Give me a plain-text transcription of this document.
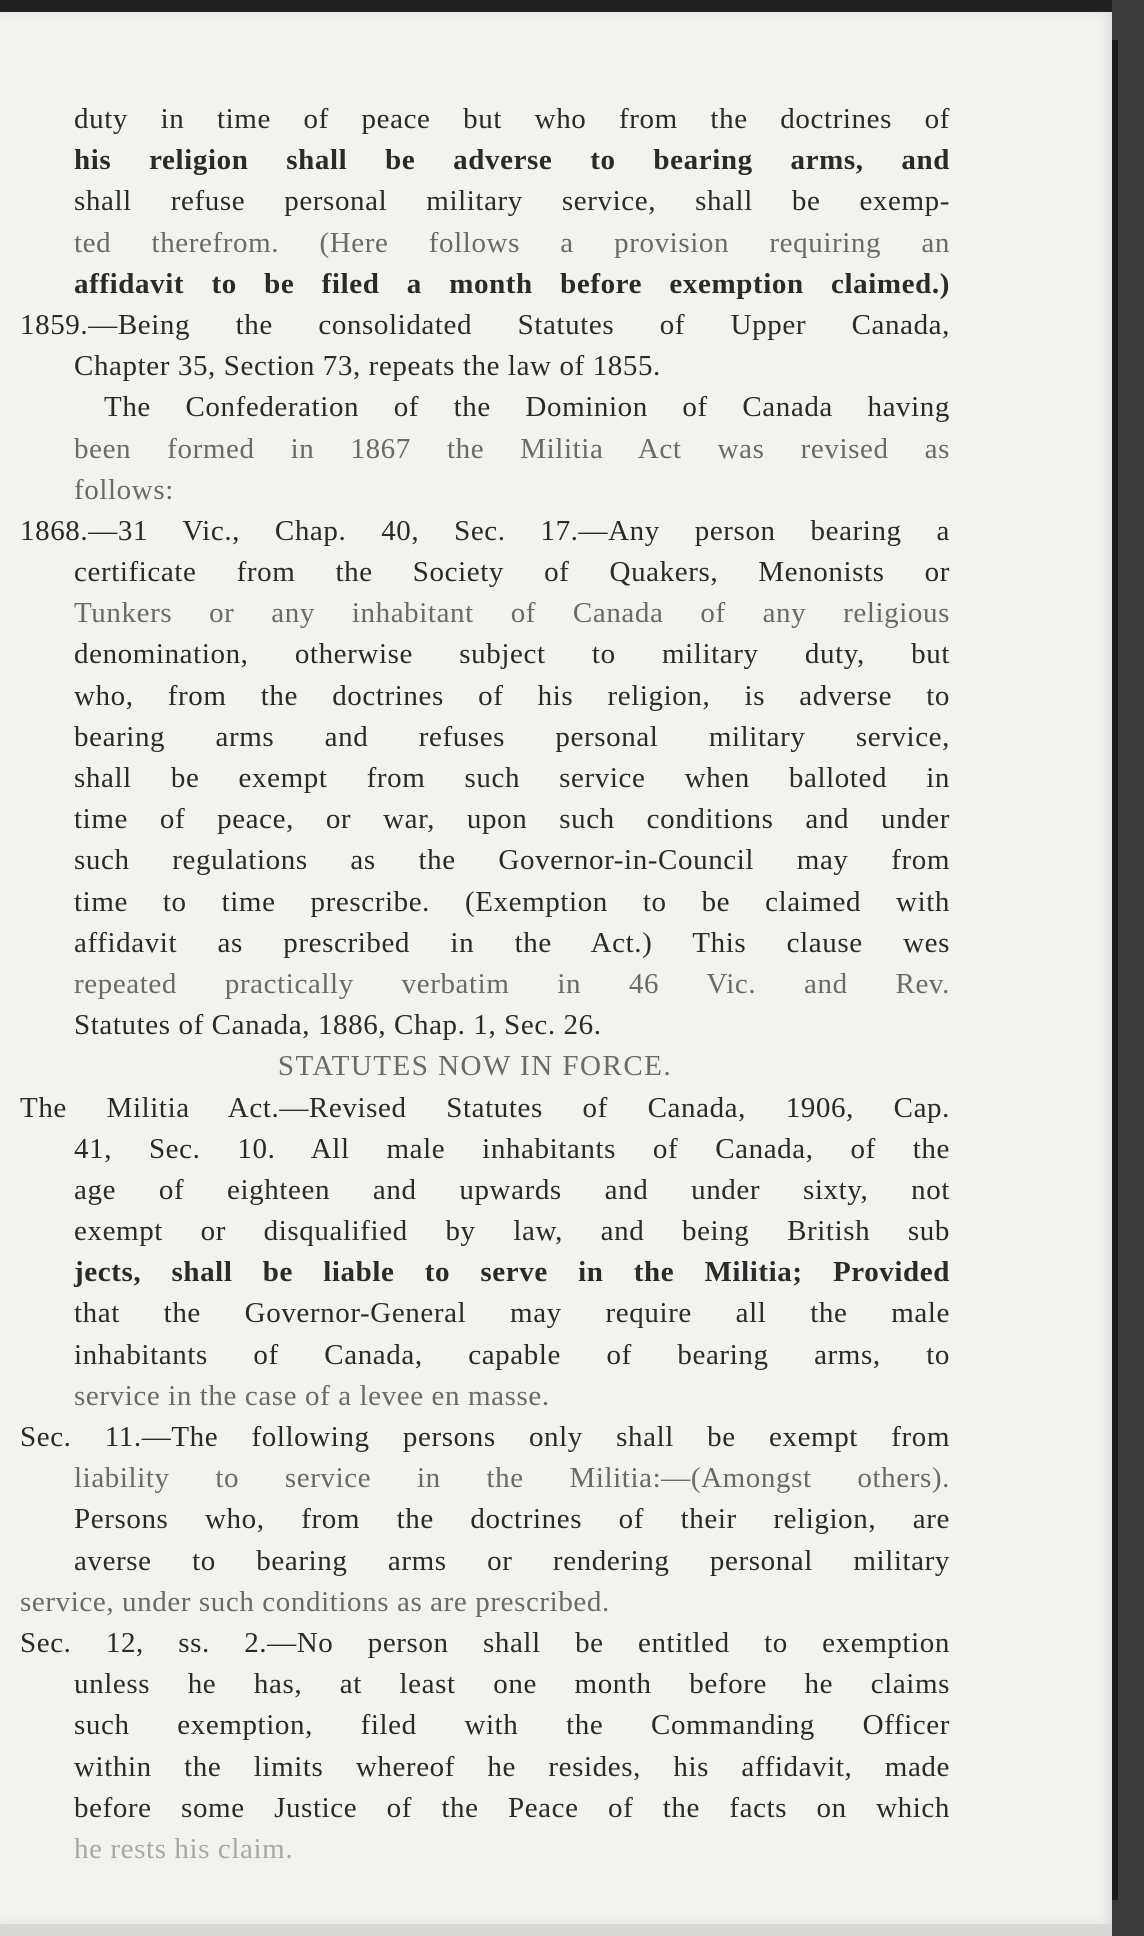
duty in time of peace but who from the doctrines of
his religion shall be adverse to bearing arms, and
shall refuse personal military service, shall be exemp-
ted therefrom. (Here follows a provision requiring an
affidavit to be filed a month before exemption claimed.)
1859.—Being the consolidated Statutes of Upper Canada,
Chapter 35, Section 73, repeats the law of 1855.
The Confederation of the Dominion of Canada having
been formed in 1867 the Militia Act was revised as
follows:
1868.—31 Vic., Chap. 40, Sec. 17.—Any person bearing a
certificate from the Society of Quakers, Menonists or
Tunkers or any inhabitant of Canada of any religious
denomination, otherwise subject to military duty, but
who, from the doctrines of his religion, is adverse to
bearing arms and refuses personal military service,
shall be exempt from such service when balloted in
time of peace, or war, upon such conditions and under
such regulations as the Governor-in-Council may from
time to time prescribe. (Exemption to be claimed with
affidavit as prescribed in the Act.) This clause wes
repeated practically verbatim in 46 Vic. and Rev.
Statutes of Canada, 1886, Chap. 1, Sec. 26.
STATUTES NOW IN FORCE.
The Militia Act.—Revised Statutes of Canada, 1906, Cap.
41, Sec. 10. All male inhabitants of Canada, of the
age of eighteen and upwards and under sixty, not
exempt or disqualified by law, and being British sub
jects, shall be liable to serve in the Militia; Provided
that the Governor-General may require all the male
inhabitants of Canada, capable of bearing arms, to
service in the case of a levee en masse.
Sec. 11.—The following persons only shall be exempt from
liability to service in the Militia:—(Amongst others).
Persons who, from the doctrines of their religion, are
averse to bearing arms or rendering personal military
service, under such conditions as are prescribed.
Sec. 12, ss. 2.—No person shall be entitled to exemption
unless he has, at least one month before he claims
such exemption, filed with the Commanding Officer
within the limits whereof he resides, his affidavit, made
before some Justice of the Peace of the facts on which
he rests his claim.
